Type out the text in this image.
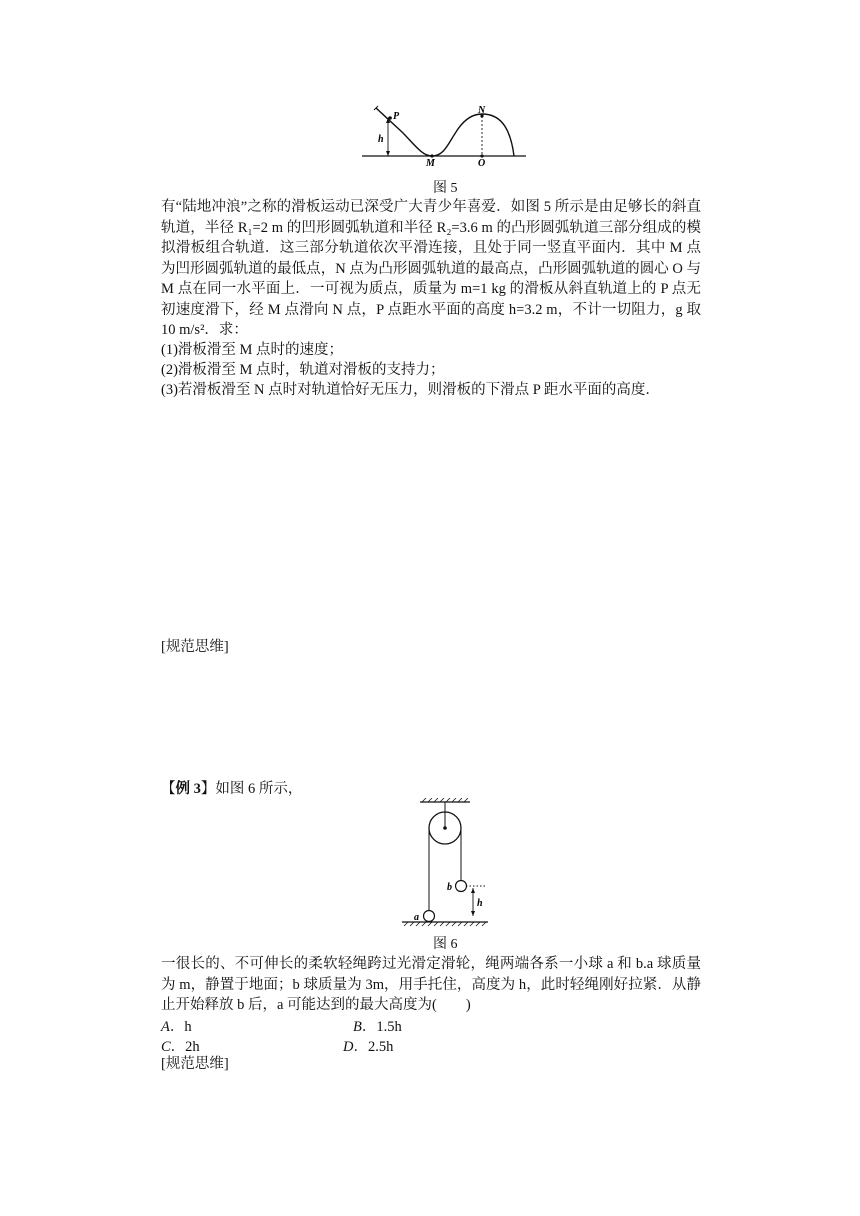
P
h
N
M	O
图 5

有“陆地冲浪”之称的滑板运动已深受广大青少年喜爱．如图 5 所示是由足够长的斜直轨道，半径 R₁=2 m 的凹形圆弧轨道和半径 R₂=3.6 m 的凸形圆弧轨道三部分组成的模拟滑板组合轨道．这三部分轨道依次平滑连接，且处于同一竖直平面内．其中 M 点为凹形圆弧轨道的最低点，N 点为凸形圆弧轨道的最高点，凸形圆弧轨道的圆心 O 与 M 点在同一水平面上．一可视为质点，质量为 m=1 kg 的滑板从斜直轨道上的 P 点无初速度滑下，经 M 点滑向 N 点，P 点距水平面的高度 h=3.2 m，不计一切阻力，g 取 10 m/s²．求：

(1)滑板滑至 M 点时的速度；

(2)滑板滑至 M 点时，轨道对滑板的支持力；

(3)若滑板滑至 N 点时对轨道恰好无压力，则滑板的下滑点 P 距水平面的高度．

[规范思维]

【例 3】如图 6 所示，
b
a
h
图 6

一很长的、不可伸长的柔软轻绳跨过光滑定滑轮，绳两端各系一小球 a 和 b.a 球质量为 m，静置于地面；b 球质量为 3m，用手托住，高度为 h，此时轻绳刚好拉紧．从静止开始释放 b 后，a 可能达到的最大高度为(　　)

A．h	B．1.5h
C．2h	D．2.5h

[规范思维]
